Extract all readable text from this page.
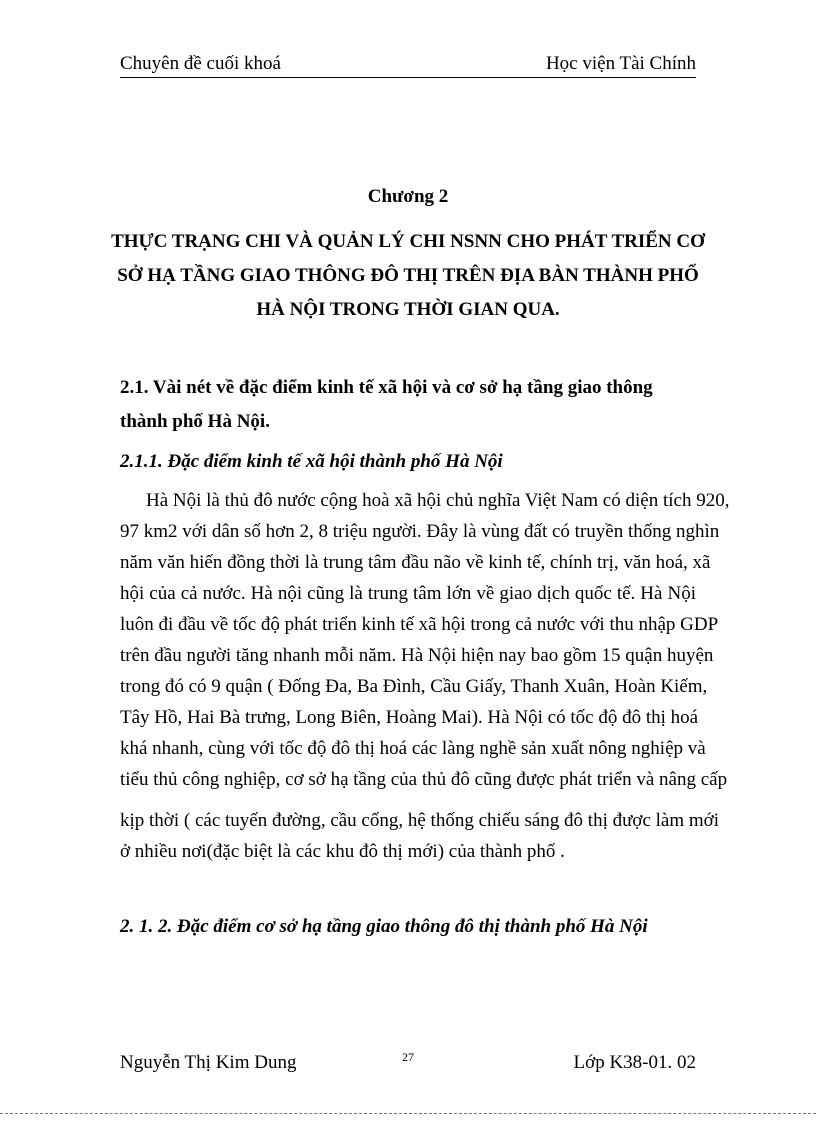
Chuyên đề cuối khoá	Học viện Tài Chính
Chương 2
THỰC TRẠNG CHI VÀ QUẢN LÝ CHI NSNN CHO PHÁT TRIỂN CƠ
SỞ HẠ TẦNG GIAO THÔNG ĐÔ THỊ TRÊN ĐỊA BÀN THÀNH PHỐ
HÀ NỘI TRONG THỜI GIAN QUA.
2.1. Vài nét về đặc điểm kinh tế xã hội và cơ sở hạ tầng giao thông thành phố Hà Nội.
2.1.1. Đặc điểm kinh tế xã hội thành phố Hà Nội
Hà Nội là thủ đô nước cộng hoà xã hội chủ nghĩa Việt Nam có diện tích 920,
97 km2 với dân số hơn 2, 8 triệu người. Đây là vùng đất có truyền thống nghìn
năm văn hiến đồng thời là trung tâm đầu não về kinh tế, chính trị, văn hoá, xã
hội của cả nước. Hà nội cũng là trung tâm lớn về giao dịch quốc tế. Hà Nội
luôn đi đầu về tốc độ phát triển kinh tế xã hội trong cả nước với thu nhập GDP
trên đầu người tăng nhanh mỗi năm. Hà Nội hiện nay bao gồm 15 quận huyện
trong đó có 9 quận ( Đống Đa, Ba Đình, Cầu Giấy, Thanh Xuân, Hoàn Kiếm,
Tây Hồ, Hai Bà trưng, Long Biên, Hoàng Mai). Hà Nội có tốc độ đô thị hoá
khá nhanh, cùng với tốc độ đô thị hoá các làng nghề sản xuất nông nghiệp và
tiểu thủ công nghiệp, cơ sở hạ tầng của thủ đô cũng được phát triển và nâng cấp
kịp thời ( các tuyến đường, cầu cống, hệ thống chiếu sáng đô thị được làm mới
ở nhiều nơi(đặc biệt là các khu đô thị mới) của thành phố .
2. 1. 2. Đặc điểm cơ sở hạ tầng giao thông đô thị thành phố Hà Nội
Nguyễn Thị Kim Dung	27	Lớp K38-01. 02
